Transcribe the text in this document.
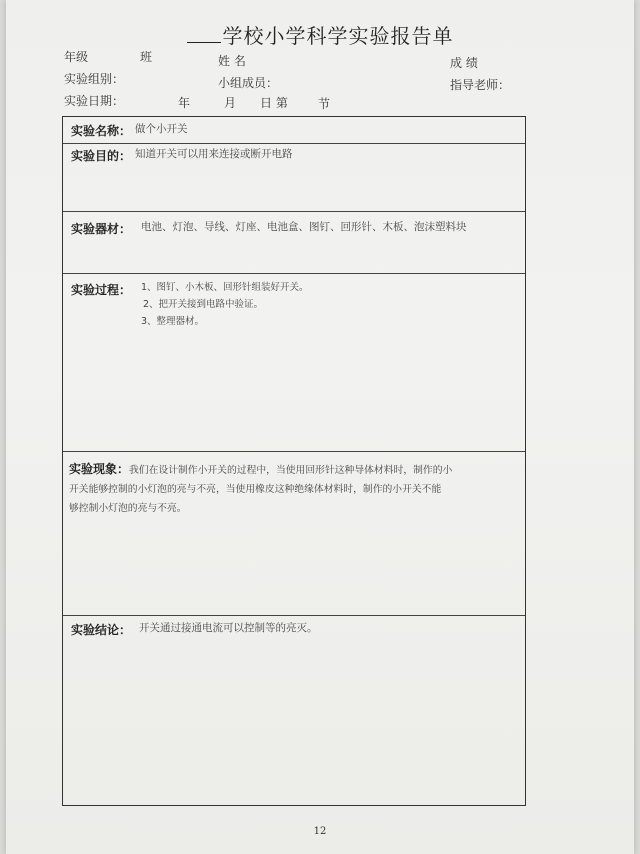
学校小学科学实验报告单
年级	班	姓 名	成 绩
实验组别：	小组成员：	指导老师：
实验日期：	年	月 日 第	节
实验名称： 做个小开关
实验目的： 知道开关可以用来连接或断开电路
实验器材： 电池、灯泡、导线、灯座、电池盒、图钉、回形针、木板、泡沫塑料块
实验过程： 1、图钉、小木板、回形针组装好开关。
2、把开关接到电路中验证。
3、整理器材。
实验现象：我们在设计制作小开关的过程中，当使用回形针这种导体材料时，制作的小
开关能够控制的小灯泡的亮与不亮，当使用橡皮这种绝缘体材料时，制作的小开关不能
够控制小灯泡的亮与不亮。
实验结论： 开关通过接通电流可以控制等的亮灭。
12
